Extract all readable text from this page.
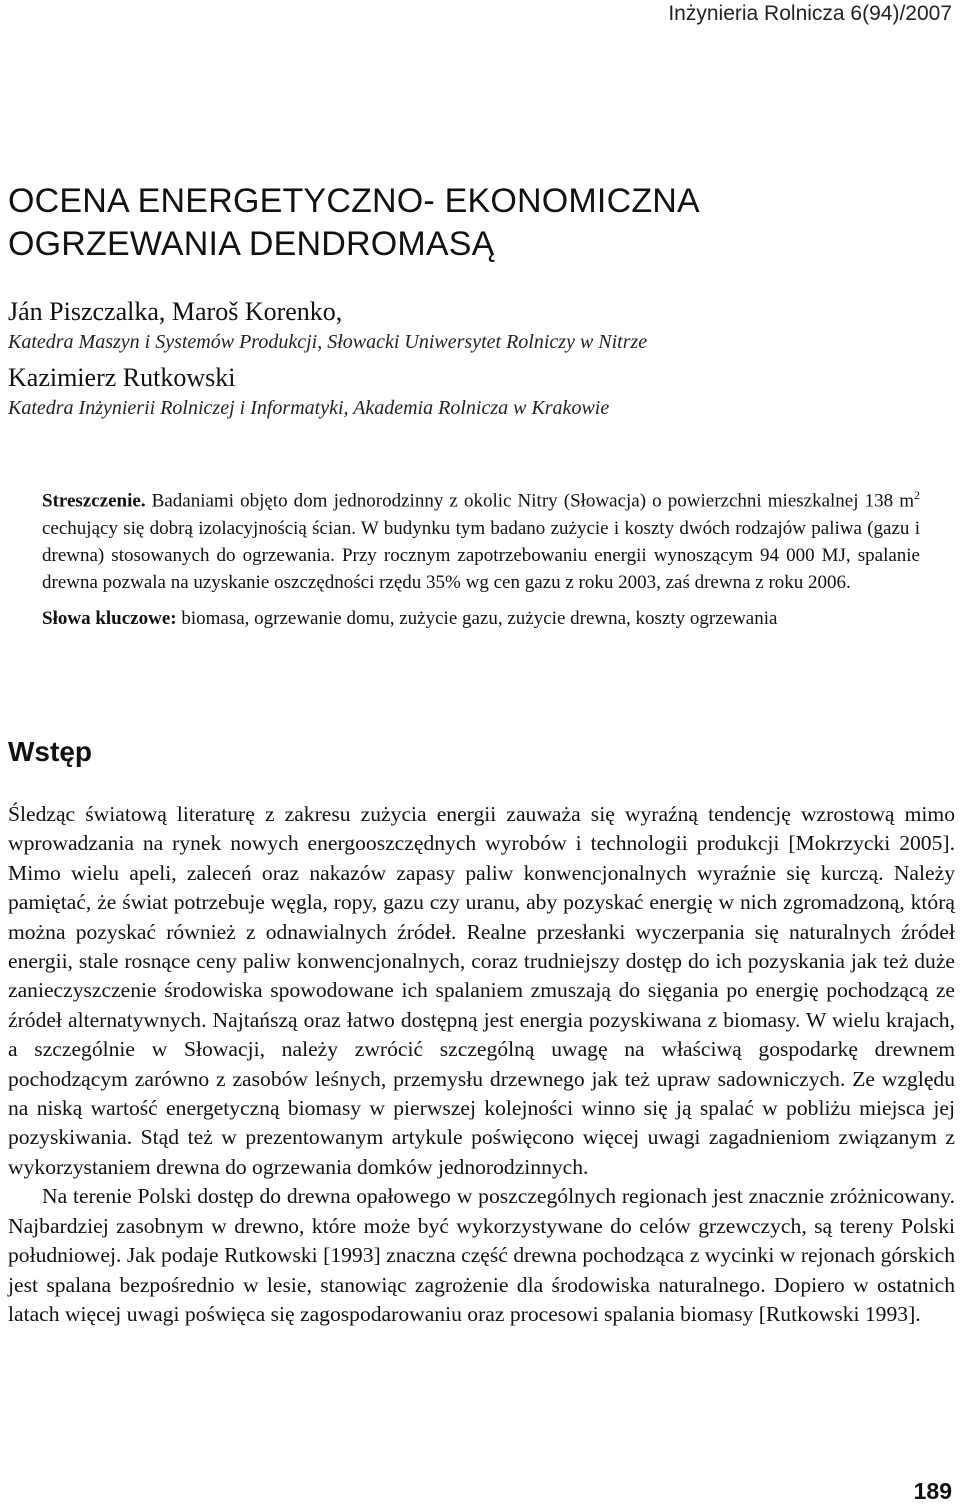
Inżynieria Rolnicza 6(94)/2007
OCENA ENERGETYCZNO- EKONOMICZNA
OGRZEWANIA DENDROMASĄ
Ján Piszczalka, Maroš Korenko,
Katedra Maszyn i Systemów Produkcji, Słowacki Uniwersytet Rolniczy w Nitrze
Kazimierz Rutkowski
Katedra Inżynierii Rolniczej i Informatyki, Akademia Rolnicza w Krakowie

Streszczenie. Badaniami objęto dom jednorodzinny z okolic Nitry (Słowacja) o powierzchni mieszkalnej 138 $m^2$ cechujący się dobrą izolacyjnością ścian. W budynku tym badano zużycie i koszty dwóch rodzajów paliwa (gazu i drewna) stosowanych do ogrzewania. Przy rocznym zapotrzebowaniu energii wynoszącym 94 000 MJ, spalanie drewna pozwala na uzyskanie oszczędności rzędu 35% wg cen gazu z roku 2003, zaś drewna z roku 2006.

Słowa kluczowe: biomasa, ogrzewanie domu, zużycie gazu, zużycie drewna, koszty ogrzewania

Wstęp

Śledząc światową literaturę z zakresu zużycia energii zauważa się wyraźną tendencję wzrostową mimo wprowadzania na rynek nowych energooszczędnych wyrobów i technologii produkcji [Mokrzycki 2005]. Mimo wielu apeli, zaleceń oraz nakazów zapasy paliw konwencjonalnych wyraźnie się kurczą. Należy pamiętać, że świat potrzebuje węgla, ropy, gazu czy uranu, aby pozyskać energię w nich zgromadzoną, którą można pozyskać również z odnawialnych źródeł. Realne przesłanki wyczerpania się naturalnych źródeł energii, stale rosnące ceny paliw konwencjonalnych, coraz trudniejszy dostęp do ich pozyskania jak też duże zanieczyszczenie środowiska spowodowane ich spalaniem zmuszają do sięgania po energię pochodzącą ze źródeł alternatywnych. Najtańszą oraz łatwo dostępną jest energia pozyskiwana z biomasy. W wielu krajach, a szczególnie w Słowacji, należy zwrócić szczególną uwagę na właściwą gospodarkę drewnem pochodzącym zarówno z zasobów leśnych, przemysłu drzewnego jak też upraw sadowniczych. Ze względu na niską wartość energetyczną biomasy w pierwszej kolejności winno się ją spalać w pobliżu miejsca jej pozyskiwania. Stąd też w prezentowanym artykule poświęcono więcej uwagi zagadnieniom związanym z wykorzystaniem drewna do ogrzewania domków jednorodzinnych.

Na terenie Polski dostęp do drewna opałowego w poszczególnych regionach jest znacznie zróżnicowany. Najbardziej zasobnym w drewno, które może być wykorzystywane do celów grzewczych, są tereny Polski południowej. Jak podaje Rutkowski [1993] znaczna część drewna pochodząca z wycinki w rejonach górskich jest spalana bezpośrednio w lesie, stanowiąc zagrożenie dla środowiska naturalnego. Dopiero w ostatnich latach więcej uwagi poświęca się zagospodarowaniu oraz procesowi spalania biomasy [Rutkowski 1993].

189
